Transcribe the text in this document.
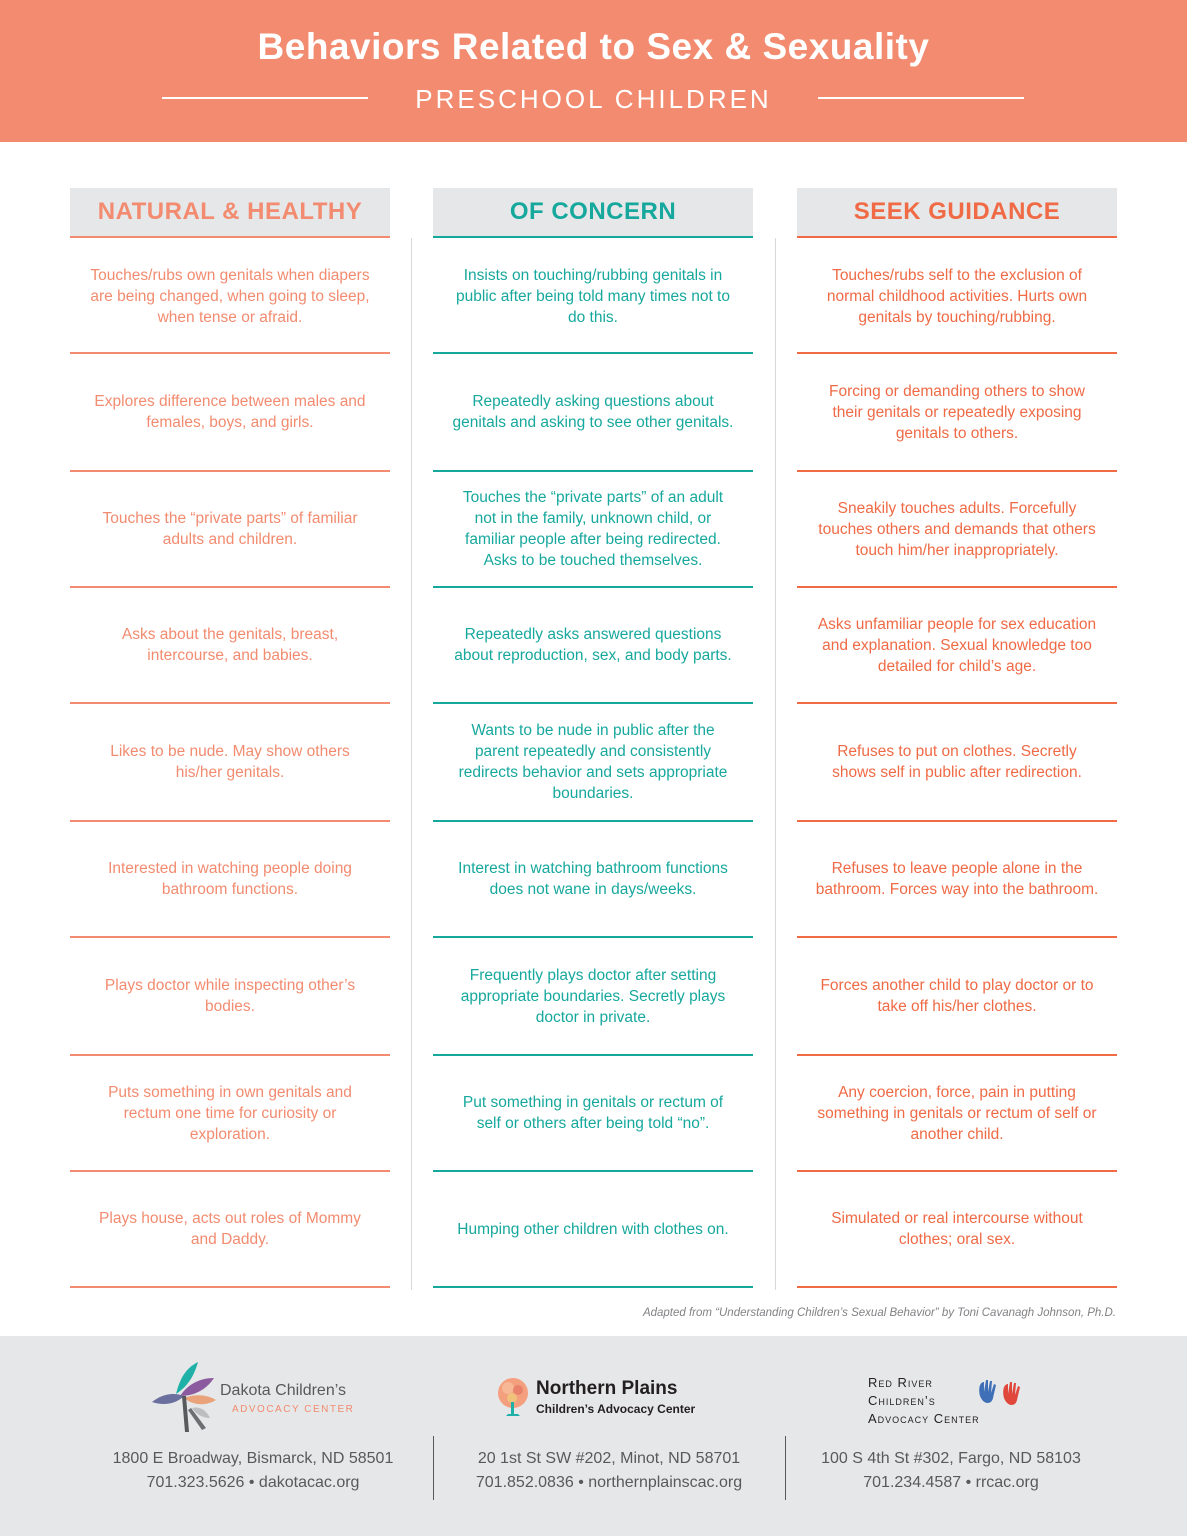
Behaviors Related to Sex & Sexuality
PRESCHOOL CHILDREN
NATURAL & HEALTHY
Touches/rubs own genitals when diapers are being changed, when going to sleep, when tense or afraid.
Explores difference between males and females, boys, and girls.
Touches the “private parts” of familiar adults and children.
Asks about the genitals, breast, intercourse, and babies.
Likes to be nude. May show others his/her genitals.
Interested in watching people doing bathroom functions.
Plays doctor while inspecting other’s bodies.
Puts something in own genitals and rectum one time for curiosity or exploration.
Plays house, acts out roles of Mommy and Daddy.
OF CONCERN
Insists on touching/rubbing genitals in public after being told many times not to do this.
Repeatedly asking questions about genitals and asking to see other genitals.
Touches the “private parts” of an adult not in the family, unknown child, or familiar people after being redirected. Asks to be touched themselves.
Repeatedly asks answered questions about reproduction, sex, and body parts.
Wants to be nude in public after the parent repeatedly and consistently redirects behavior and sets appropriate boundaries.
Interest in watching bathroom functions does not wane in days/weeks.
Frequently plays doctor after setting appropriate boundaries. Secretly plays doctor in private.
Put something in genitals or rectum of self or others after being told “no”.
Humping other children with clothes on.
SEEK GUIDANCE
Touches/rubs self to the exclusion of normal childhood activities. Hurts own genitals by touching/rubbing.
Forcing or demanding others to show their genitals or repeatedly exposing genitals to others.
Sneakily touches adults. Forcefully touches others and demands that others touch him/her inappropriately.
Asks unfamiliar people for sex education and explanation. Sexual knowledge too detailed for child’s age.
Refuses to put on clothes. Secretly shows self in public after redirection.
Refuses to leave people alone in the bathroom. Forces way into the bathroom.
Forces another child to play doctor or to take off his/her clothes.
Any coercion, force, pain in putting something in genitals or rectum of self or another child.
Simulated or real intercourse without clothes; oral sex.
Adapted from “Understanding Children’s Sexual Behavior” by Toni Cavanagh Johnson, Ph.D.
Dakota Children’s
ADVOCACY CENTER
1800 E Broadway, Bismarck, ND 58501
701.323.5626 • dakotacac.org
Northern Plains
Children’s Advocacy Center
20 1st St SW #202, Minot, ND 58701
701.852.0836 • northernplainscac.org
Red River
Children’s
Advocacy Center
100 S 4th St #302, Fargo, ND 58103
701.234.4587 • rrcac.org
